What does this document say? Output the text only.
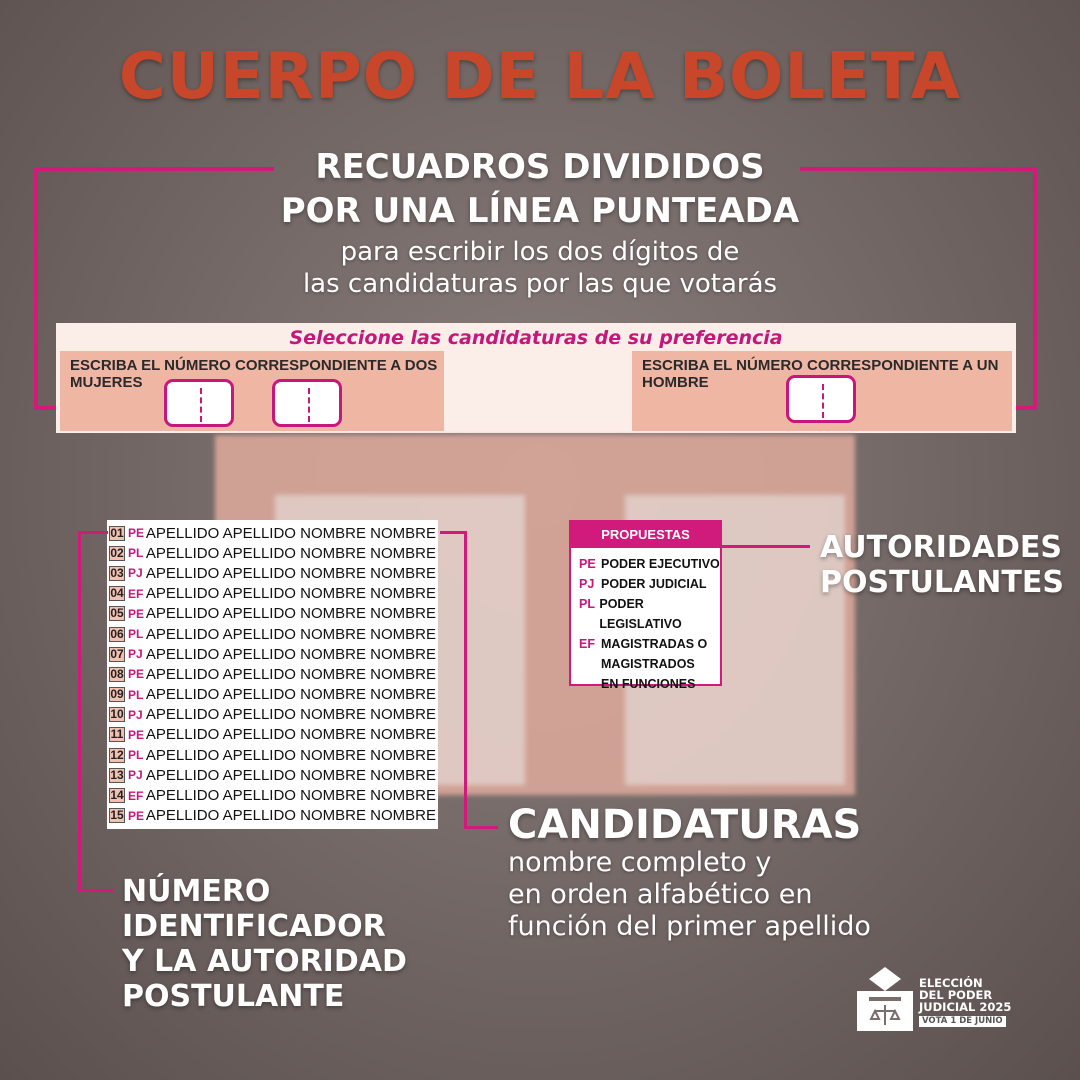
CUERPO DE LA BOLETA
RECUADROS DIVIDIDOS
POR UNA LÍNEA PUNTEADA
para escribir los dos dígitos de
las candidaturas por las que votarás
Seleccione las candidaturas de su preferencia
ESCRIBA EL NÚMERO CORRESPONDIENTE A DOS MUJERES
ESCRIBA EL NÚMERO CORRESPONDIENTE A UN HOMBRE
01 PE APELLIDO APELLIDO NOMBRE NOMBRE
02 PL APELLIDO APELLIDO NOMBRE NOMBRE
03 PJ APELLIDO APELLIDO NOMBRE NOMBRE
04 EF APELLIDO APELLIDO NOMBRE NOMBRE
05 PE APELLIDO APELLIDO NOMBRE NOMBRE
06 PL APELLIDO APELLIDO NOMBRE NOMBRE
07 PJ APELLIDO APELLIDO NOMBRE NOMBRE
08 PE APELLIDO APELLIDO NOMBRE NOMBRE
09 PL APELLIDO APELLIDO NOMBRE NOMBRE
10 PJ APELLIDO APELLIDO NOMBRE NOMBRE
11 PE APELLIDO APELLIDO NOMBRE NOMBRE
12 PL APELLIDO APELLIDO NOMBRE NOMBRE
13 PJ APELLIDO APELLIDO NOMBRE NOMBRE
14 EF APELLIDO APELLIDO NOMBRE NOMBRE
15 PE APELLIDO APELLIDO NOMBRE NOMBRE
PROPUESTAS
PE PODER EJECUTIVO
PJ PODER JUDICIAL
PL PODER LEGISLATIVO
EF MAGISTRADAS O
MAGISTRADOS
EN FUNCIONES
AUTORIDADES
POSTULANTES
CANDIDATURAS
nombre completo y
en orden alfabético en
función del primer apellido
NÚMERO
IDENTIFICADOR
Y LA AUTORIDAD
POSTULANTE	ELECCIÓN
DEL PODER
JUDICIAL 2025
VOTA 1 DE JUNIO
